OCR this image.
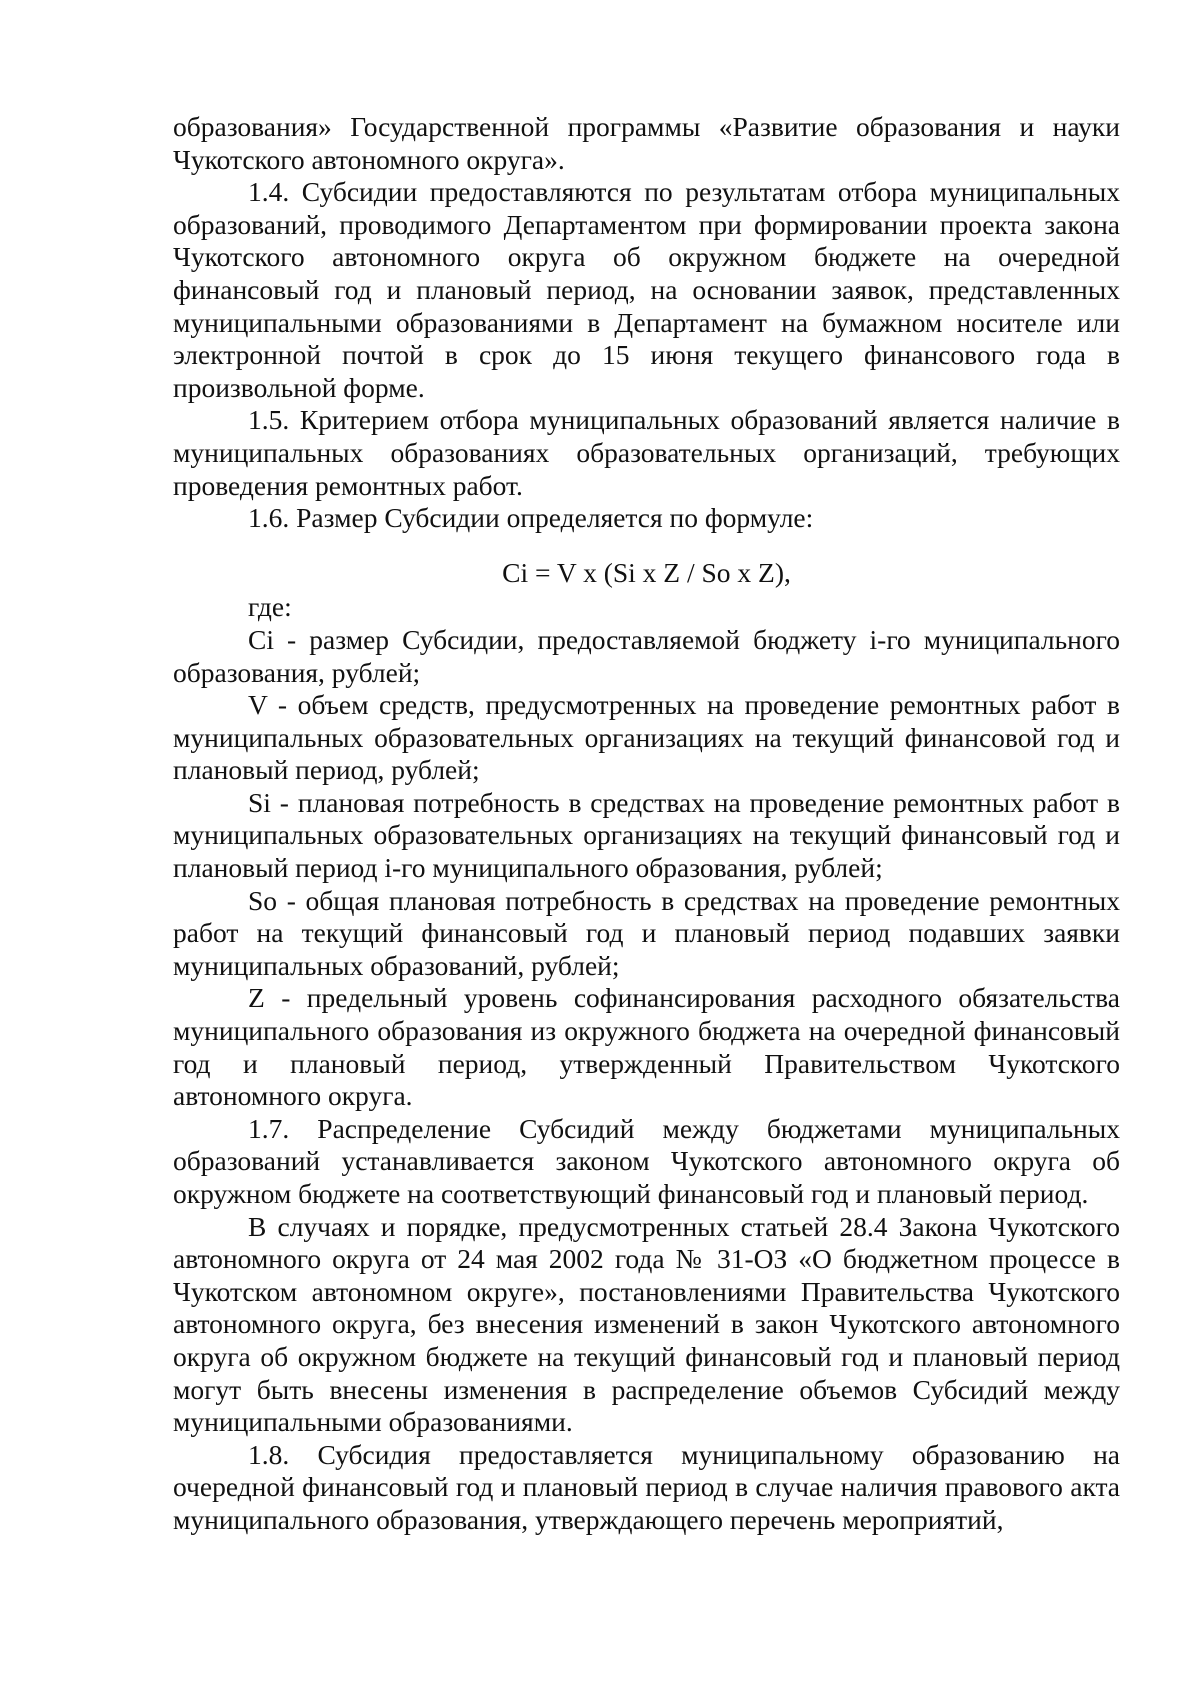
образования» Государственной программы «Развитие образования и науки Чукотского автономного округа».

1.4. Субсидии предоставляются по результатам отбора муниципальных образований, проводимого Департаментом при формировании проекта закона Чукотского автономного округа об окружном бюджете на очередной финансовый год и плановый период, на основании заявок, представленных муниципальными образованиями в Департамент на бумажном носителе или электронной почтой в срок до 15 июня текущего финансового года в произвольной форме.

1.5. Критерием отбора муниципальных образований является наличие в муниципальных образованиях образовательных организаций, требующих проведения ремонтных работ.

1.6. Размер Субсидии определяется по формуле:

Ci = V x (Si x Z / So x Z),

где:

Ci - размер Субсидии, предоставляемой бюджету i-го муниципального образования, рублей;

V - объем средств, предусмотренных на проведение ремонтных работ в муниципальных образовательных организациях на текущий финансовой год и плановый период, рублей;

Si - плановая потребность в средствах на проведение ремонтных работ в муниципальных образовательных организациях на текущий финансовый год и плановый период i-го муниципального образования, рублей;

So - общая плановая потребность в средствах на проведение ремонтных работ на текущий финансовый год и плановый период подавших заявки муниципальных образований, рублей;

Z - предельный уровень софинансирования расходного обязательства муниципального образования из окружного бюджета на очередной финансовый год и плановый период, утвержденный Правительством Чукотского автономного округа.

1.7. Распределение Субсидий между бюджетами муниципальных образований устанавливается законом Чукотского автономного округа об окружном бюджете на соответствующий финансовый год и плановый период.

В случаях и порядке, предусмотренных статьей 28.4 Закона Чукотского автономного округа от 24 мая 2002 года № 31-ОЗ «О бюджетном процессе в Чукотском автономном округе», постановлениями Правительства Чукотского автономного округа, без внесения изменений в закон Чукотского автономного округа об окружном бюджете на текущий финансовый год и плановый период могут быть внесены изменения в распределение объемов Субсидий между муниципальными образованиями.

1.8. Субсидия предоставляется муниципальному образованию на очередной финансовый год и плановый период в случае наличия правового акта муниципального образования, утверждающего перечень мероприятий,
